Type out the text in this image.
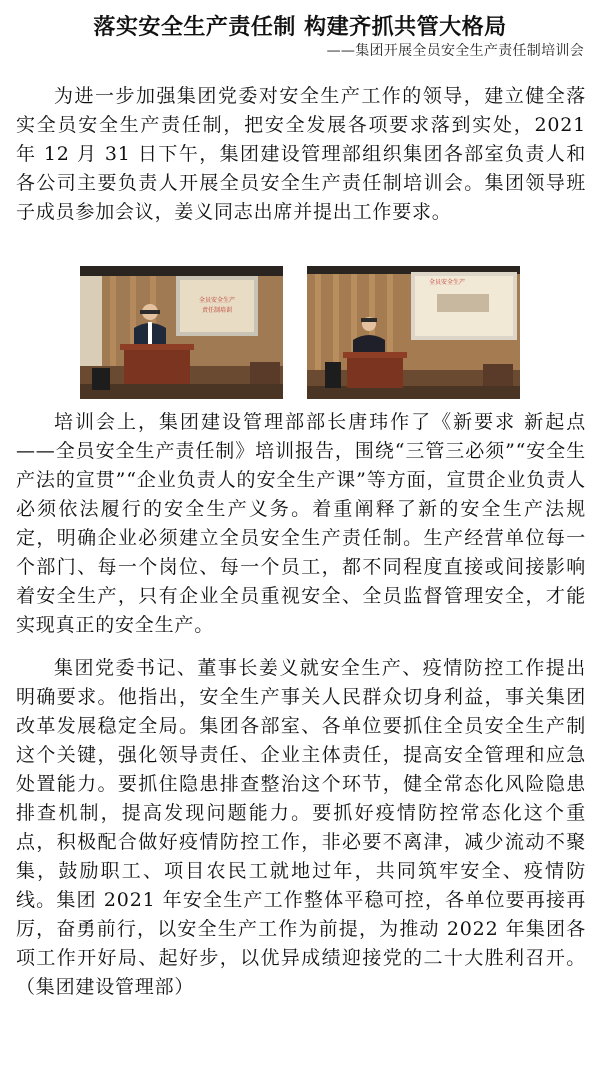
落实安全生产责任制 构建齐抓共管大格局
——集团开展全员安全生产责任制培训会

为进一步加强集团党委对安全生产工作的领导，建立健全落实全员安全生产责任制，把安全发展各项要求落到实处，2021 年 12 月 31 日下午，集团建设管理部组织集团各部室负责人和各公司主要负责人开展全员安全生产责任制培训会。集团领导班子成员参加会议，姜义同志出席并提出工作要求。

全员安全生产
责任制培训
全员安全生产

培训会上，集团建设管理部部长唐玮作了《新要求 新起点——全员安全生产责任制》培训报告，围绕“三管三必须”“安全生产法的宣贯”“企业负责人的安全生产课”等方面，宣贯企业负责人必须依法履行的安全生产义务。着重阐释了新的安全生产法规定，明确企业必须建立全员安全生产责任制。生产经营单位每一个部门、每一个岗位、每一个员工，都不同程度直接或间接影响着安全生产，只有企业全员重视安全、全员监督管理安全，才能实现真正的安全生产。

集团党委书记、董事长姜义就安全生产、疫情防控工作提出明确要求。他指出，安全生产事关人民群众切身利益，事关集团改革发展稳定全局。集团各部室、各单位要抓住全员安全生产制这个关键，强化领导责任、企业主体责任，提高安全管理和应急处置能力。要抓住隐患排查整治这个环节，健全常态化风险隐患排查机制，提高发现问题能力。要抓好疫情防控常态化这个重点，积极配合做好疫情防控工作，非必要不离津，减少流动不聚集，鼓励职工、项目农民工就地过年，共同筑牢安全、疫情防线。集团 2021 年安全生产工作整体平稳可控，各单位要再接再厉，奋勇前行，以安全生产工作为前提，为推动 2022 年集团各项工作开好局、起好步，以优异成绩迎接党的二十大胜利召开。（集团建设管理部）
